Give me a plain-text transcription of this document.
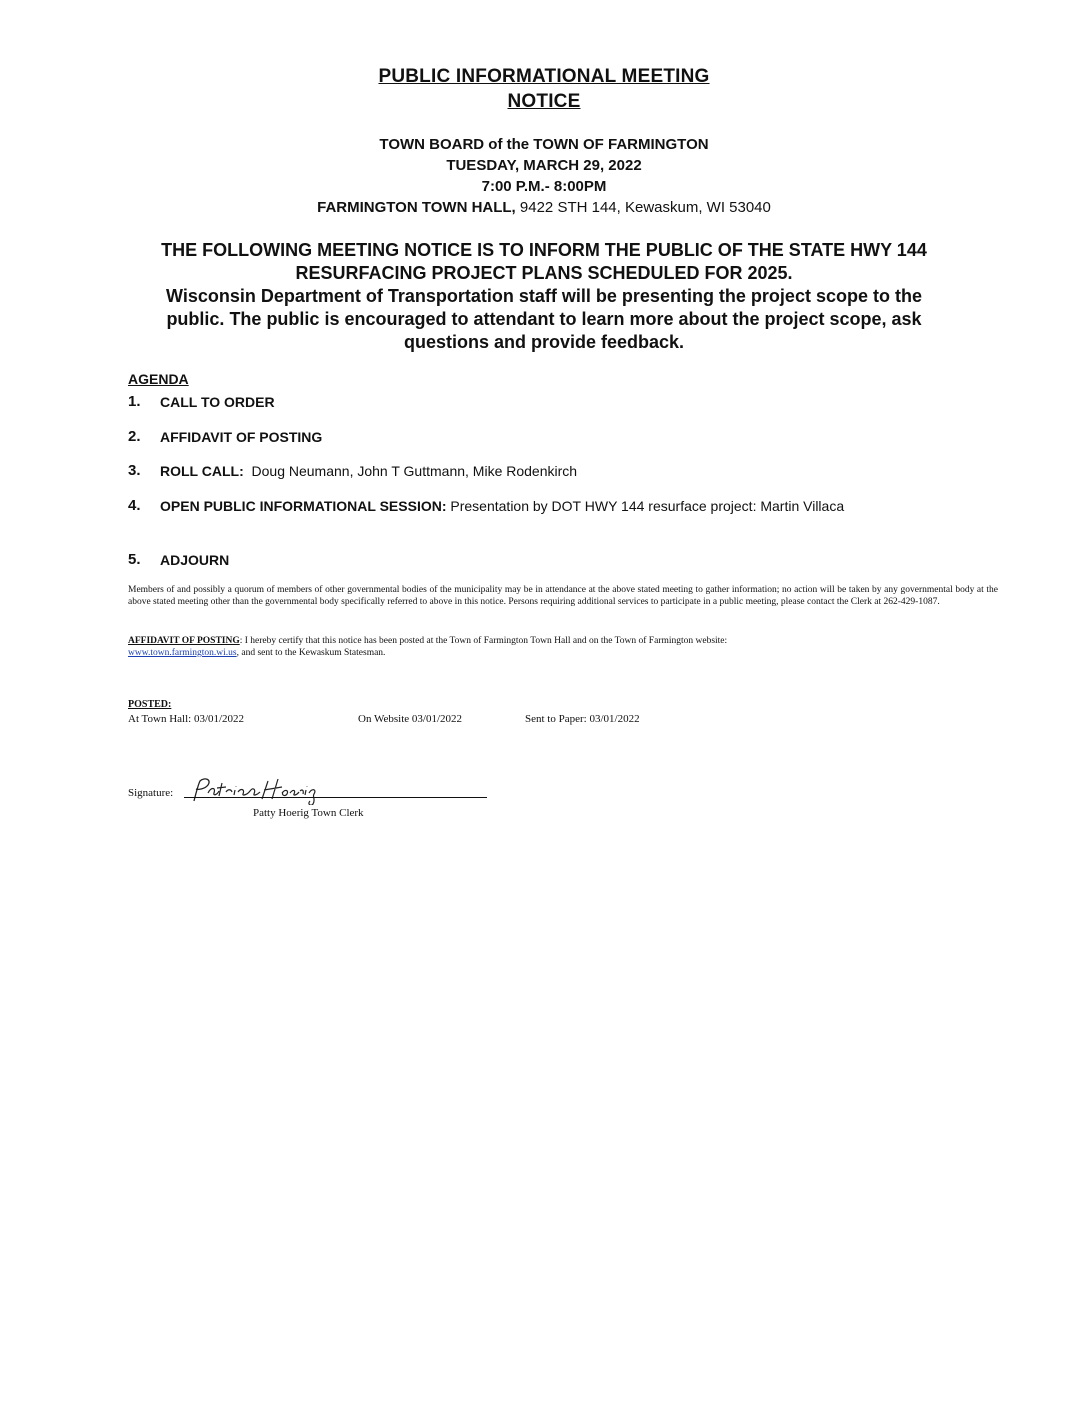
PUBLIC INFORMATIONAL MEETING
NOTICE
TOWN BOARD of the TOWN OF FARMINGTON
TUESDAY, MARCH 29, 2022
7:00 P.M.- 8:00PM
FARMINGTON TOWN HALL, 9422 STH 144, Kewaskum, WI 53040
THE FOLLOWING MEETING NOTICE IS TO INFORM THE PUBLIC OF THE STATE HWY 144
RESURFACING PROJECT PLANS SCHEDULED FOR 2025.
Wisconsin Department of Transportation staff will be presenting the project scope to the
public. The public is encouraged to attendant to learn more about the project scope, ask
questions and provide feedback.
AGENDA
1. CALL TO ORDER
2. AFFIDAVIT OF POSTING
3. ROLL CALL:  Doug Neumann, John T Guttmann, Mike Rodenkirch
4. OPEN PUBLIC INFORMATIONAL SESSION: Presentation by DOT HWY 144 resurface project: Martin Villaca
5. ADJOURN
Members of and possibly a quorum of members of other governmental bodies of the municipality may be in attendance at the above stated meeting to gather information; no action will be taken by any governmental body at the above stated meeting other than the governmental body specifically referred to above in this notice. Persons requiring additional services to participate in a public meeting, please contact the Clerk at 262-429-1087.
AFFIDAVIT OF POSTING: I hereby certify that this notice has been posted at the Town of Farmington Town Hall and on the Town of Farmington website:
www.town.farmington.wi.us, and sent to the Kewaskum Statesman.
POSTED:
At Town Hall: 03/01/2022	On Website 03/01/2022	Sent to Paper: 03/01/2022
Signature:
Patty Hoerig Town Clerk
